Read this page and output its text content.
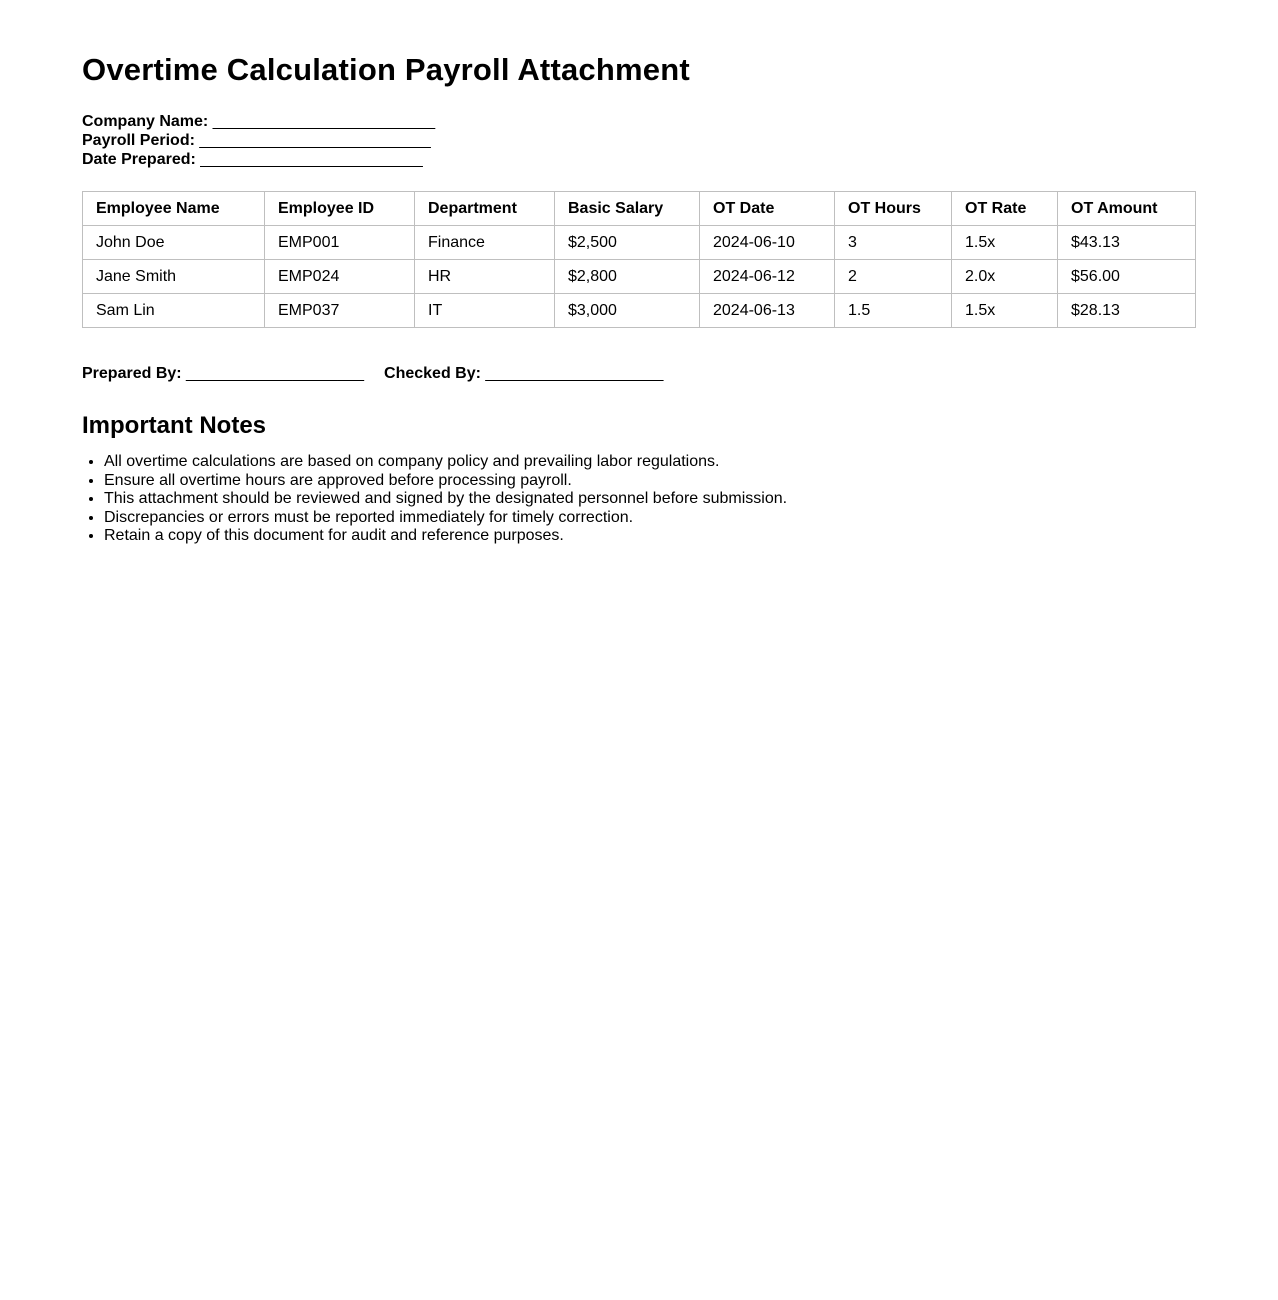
Overtime Calculation Payroll Attachment
Company Name: _________________________
Payroll Period: __________________________
Date Prepared: _________________________
Employee Name	Employee ID	Department	Basic Salary	OT Date	OT Hours	OT Rate	OT Amount
John Doe	EMP001	Finance	$2,500	2024-06-10	3	1.5x	$43.13
Jane Smith	EMP024	HR	$2,800	2024-06-12	2	2.0x	$56.00
Sam Lin	EMP037	IT	$3,000	2024-06-13	1.5	1.5x	$28.13
Prepared By: ____________________ Checked By: ____________________
Important Notes
• All overtime calculations are based on company policy and prevailing labor regulations.
• Ensure all overtime hours are approved before processing payroll.
• This attachment should be reviewed and signed by the designated personnel before submission.
• Discrepancies or errors must be reported immediately for timely correction.
• Retain a copy of this document for audit and reference purposes.
